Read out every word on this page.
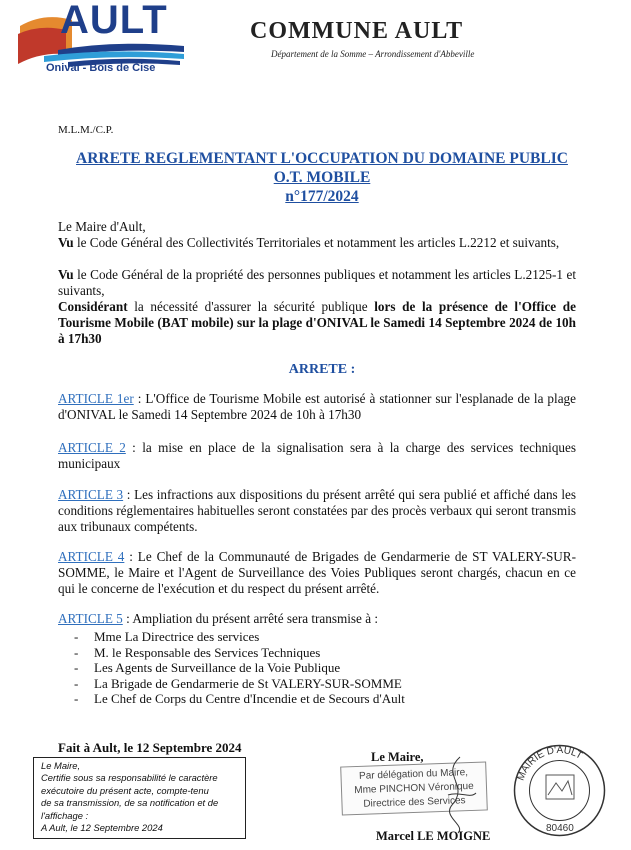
AULT
Onival - Bois de Cise
COMMUNE AULT
Département de la Somme – Arrondissement d'Abbeville
M.L.M./C.P.
ARRETE REGLEMENTANT L'OCCUPATION DU DOMAINE PUBLIC
O.T. MOBILE
n°177/2024
Le Maire d'Ault,
Vu le Code Général des Collectivités Territoriales et notamment les articles L.2212 et suivants,
Vu le Code Général de la propriété des personnes publiques et notamment les articles L.2125-1 et suivants,
Considérant la nécessité d'assurer la sécurité publique lors de la présence de l'Office de Tourisme Mobile (BAT mobile) sur la plage d'ONIVAL le Samedi 14 Septembre 2024 de 10h à 17h30
ARRETE :
ARTICLE 1er : L'Office de Tourisme Mobile est autorisé à stationner sur l'esplanade de la plage d'ONIVAL le Samedi 14 Septembre 2024 de 10h à 17h30
ARTICLE 2 : la mise en place de la signalisation sera à la charge des services techniques municipaux
ARTICLE 3 : Les infractions aux dispositions du présent arrêté qui sera publié et affiché dans les conditions réglementaires habituelles seront constatées par des procès verbaux qui seront transmis aux tribunaux compétents.
ARTICLE 4 : Le Chef de la Communauté de Brigades de Gendarmerie de ST VALERY-SUR-SOMME, le Maire et l'Agent de Surveillance des Voies Publiques seront chargés, chacun en ce qui le concerne de l'exécution et du respect du présent arrêté.
ARTICLE 5 : Ampliation du présent arrêté sera transmise à :
- Mme La Directrice des services
- M. le Responsable des Services Techniques
- Les Agents de Surveillance de la Voie Publique
- La Brigade de Gendarmerie de St VALERY-SUR-SOMME
- Le Chef de Corps du Centre d'Incendie et de Secours d'Ault
Fait à Ault, le 12 Septembre 2024
Le Maire,
Certifie sous sa responsabilité le caractère
exécutoire du présent acte, compte-tenu
de sa transmission, de sa notification et de
l'affichage :
A Ault, le 12 Septembre 2024
Le Maire,
Par délégation du Maire,
Mme PINCHON Véronique
Directrice des Services
Marcel LE MOIGNE
MAIRIE D'AULT
80460
